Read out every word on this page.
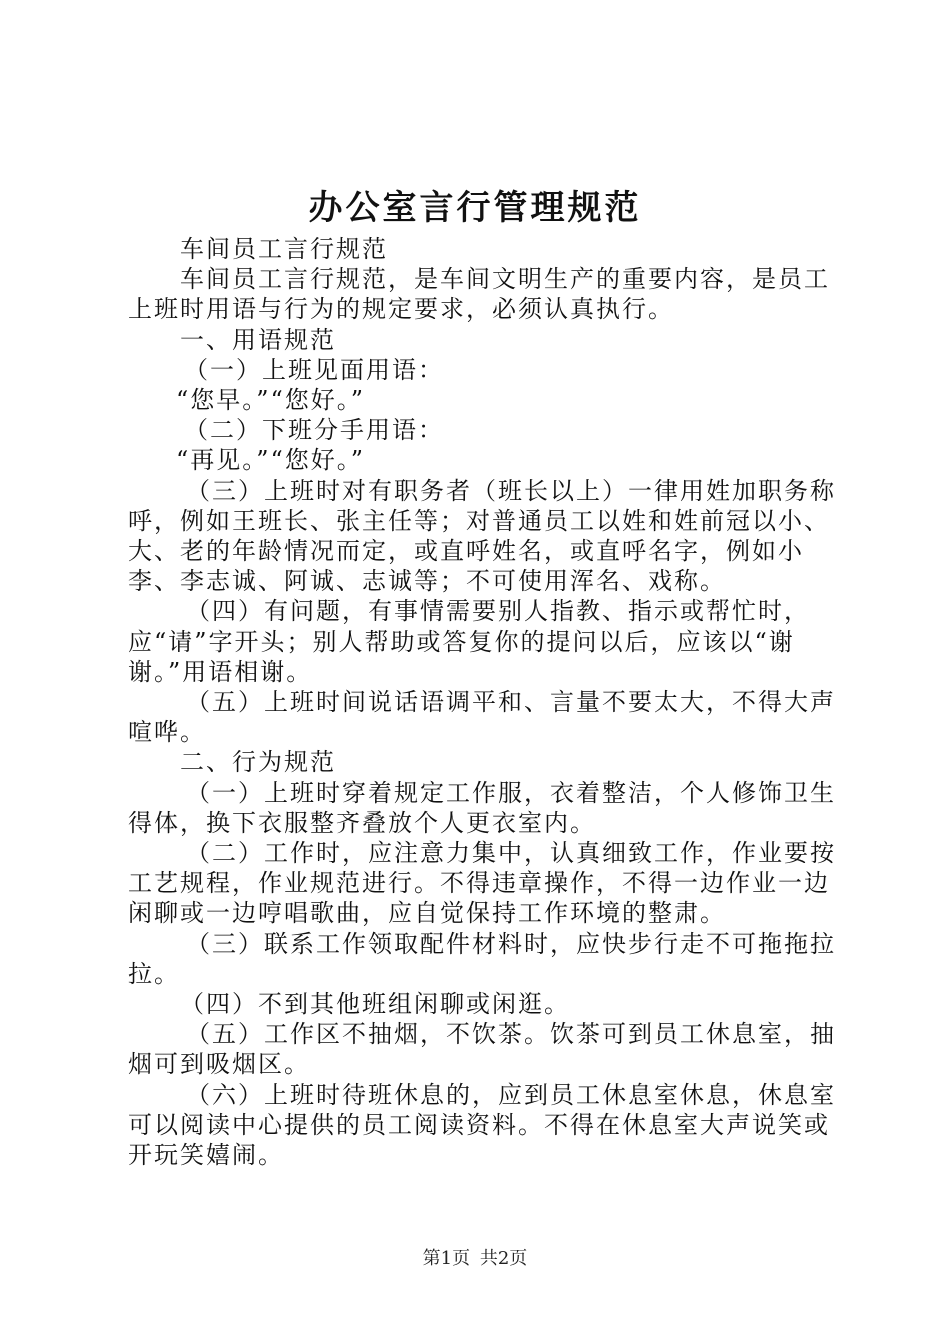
办公室言行管理规范

车间员工言行规范

车间员工言行规范，是车间文明生产的重要内容，是员工上班时用语与行为的规定要求，必须认真执行。

一、用语规范

（一）上班见面用语：

“您早。”“您好。”

（二）下班分手用语：

“再见。”“您好。”

（三）上班时对有职务者（班长以上）一律用姓加职务称呼，例如王班长、张主任等；对普通员工以姓和姓前冠以小、大、老的年龄情况而定，或直呼姓名，或直呼名字，例如小李、李志诚、阿诚、志诚等；不可使用浑名、戏称。

（四）有问题，有事情需要别人指教、指示或帮忙时，应“请”字开头；别人帮助或答复你的提问以后，应该以“谢谢。”用语相谢。

（五）上班时间说话语调平和、言量不要太大，不得大声喧哗。

二、行为规范

（一）上班时穿着规定工作服，衣着整洁，个人修饰卫生得体，换下衣服整齐叠放个人更衣室内。

（二）工作时，应注意力集中，认真细致工作，作业要按工艺规程，作业规范进行。不得违章操作，不得一边作业一边闲聊或一边哼唱歌曲，应自觉保持工作环境的整肃。

（三）联系工作领取配件材料时，应快步行走不可拖拖拉拉。

（四）不到其他班组闲聊或闲逛。

（五）工作区不抽烟，不饮茶。饮茶可到员工休息室，抽烟可到吸烟区。

（六）上班时待班休息的，应到员工休息室休息，休息室可以阅读中心提供的员工阅读资料。不得在休息室大声说笑或开玩笑嬉闹。

第1页 共2页
